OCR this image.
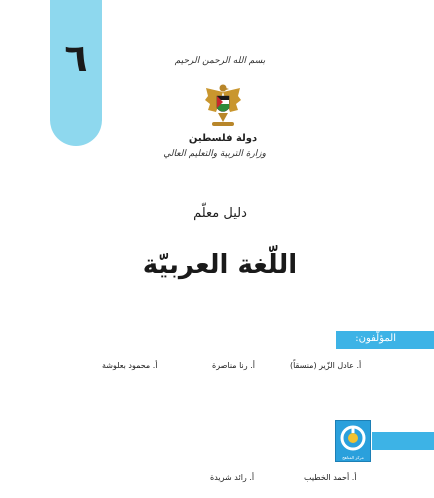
٦	بسم الله الرحمن الرحيم
دولة فلسطين
وزارة التربية والتعليم العالي
دليل معلّم
اللّغة العربيّة
المؤلّفون:
أ. عادل الزّير (منسقاً)
أ. رنا مناصرة
أ. محمود بعلوشة
مركز المناهج
أ. أحمد الخطيب
أ. رائد شريدة
